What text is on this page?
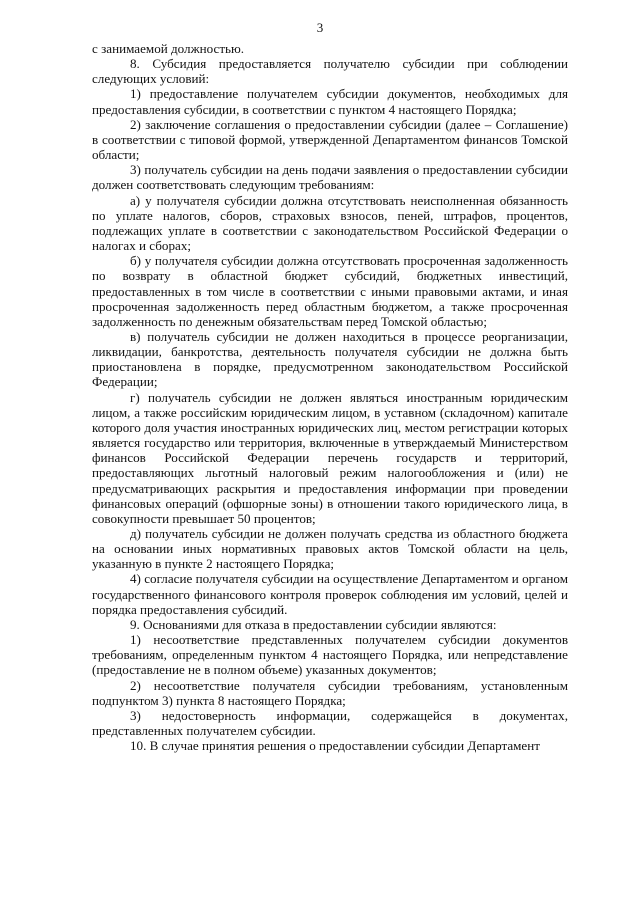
3

с занимаемой должностью.

8. Субсидия предоставляется получателю субсидии при соблюдении следующих условий:

1) предоставление получателем субсидии документов, необходимых для предоставления субсидии, в соответствии с пунктом 4 настоящего Порядка;

2) заключение соглашения о предоставлении субсидии (далее – Соглашение) в соответствии с типовой формой, утвержденной Департаментом финансов Томской области;

3) получатель субсидии на день подачи заявления о предоставлении субсидии должен соответствовать следующим требованиям:

а) у получателя субсидии должна отсутствовать неисполненная обязанность по уплате налогов, сборов, страховых взносов, пеней, штрафов, процентов, подлежащих уплате в соответствии с законодательством Российской Федерации о налогах и сборах;

б) у получателя субсидии должна отсутствовать просроченная задолженность по возврату в областной бюджет субсидий, бюджетных инвестиций, предоставленных в том числе в соответствии с иными правовыми актами, и иная просроченная задолженность перед областным бюджетом, а также просроченная задолженность по денежным обязательствам перед Томской областью;

в) получатель субсидии не должен находиться в процессе реорганизации, ликвидации, банкротства, деятельность получателя субсидии не должна быть приостановлена в порядке, предусмотренном законодательством Российской Федерации;

г) получатель субсидии не должен являться иностранным юридическим лицом, а также российским юридическим лицом, в уставном (складочном) капитале которого доля участия иностранных юридических лиц, местом регистрации которых является государство или территория, включенные в утверждаемый Министерством финансов Российской Федерации перечень государств и территорий, предоставляющих льготный налоговый режим налогообложения и (или) не предусматривающих раскрытия и предоставления информации при проведении финансовых операций (офшорные зоны) в отношении такого юридического лица, в совокупности превышает 50 процентов;

д) получатель субсидии не должен получать средства из областного бюджета на основании иных нормативных правовых актов Томской области на цель, указанную в пункте 2 настоящего Порядка;

4) согласие получателя субсидии на осуществление Департаментом и органом государственного финансового контроля проверок соблюдения им условий, целей и порядка предоставления субсидий.

9. Основаниями для отказа в предоставлении субсидии являются:

1) несоответствие представленных получателем субсидии документов требованиям, определенным пунктом 4 настоящего Порядка, или непредставление (предоставление не в полном объеме) указанных документов;

2) несоответствие получателя субсидии требованиям, установленным подпунктом 3) пункта 8 настоящего Порядка;

3) недостоверность информации, содержащейся в документах, представленных получателем субсидии.

10. В случае принятия решения о предоставлении субсидии Департамент
